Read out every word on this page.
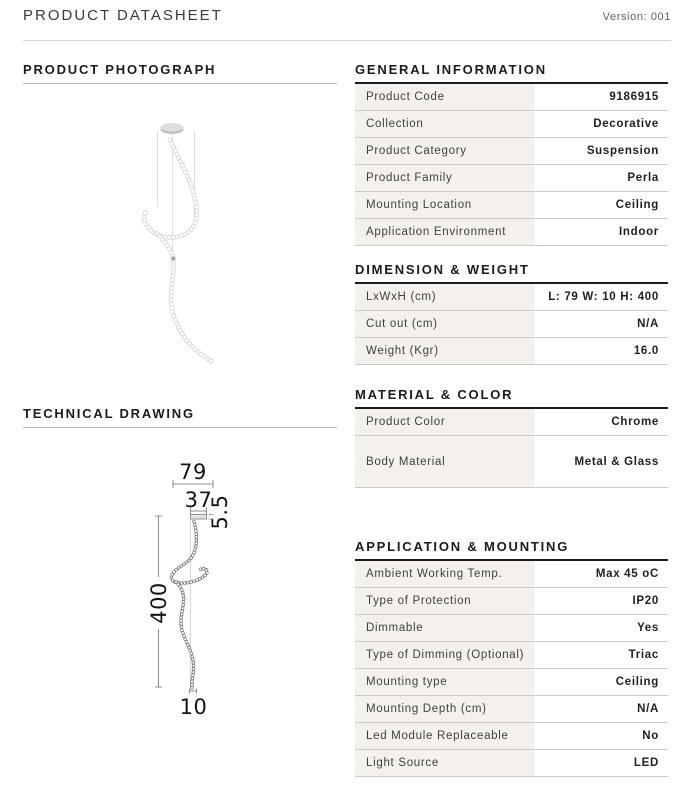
PRODUCT DATASHEET	Version: 001
PRODUCT PHOTOGRAPH
TECHNICAL DRAWING
79
37
5.5
400
10
GENERAL INFORMATION
Product Code	9186915
Collection	Decorative
Product Category	Suspension
Product Family	Perla
Mounting Location	Ceiling
Application Environment	Indoor
DIMENSION & WEIGHT
LxWxH (cm)	L: 79 W: 10 H: 400
Cut out (cm)	N/A
Weight (Kgr)	16.0
MATERIAL & COLOR
Product Color	Chrome
Body Material	Metal & Glass
APPLICATION & MOUNTING
Ambient Working Temp.	Max 45 oC
Type of Protection	IP20
Dimmable	Yes
Type of Dimming (Optional)	Triac
Mounting type	Ceiling
Mounting Depth (cm)	N/A
Led Module Replaceable	No
Light Source	LED
